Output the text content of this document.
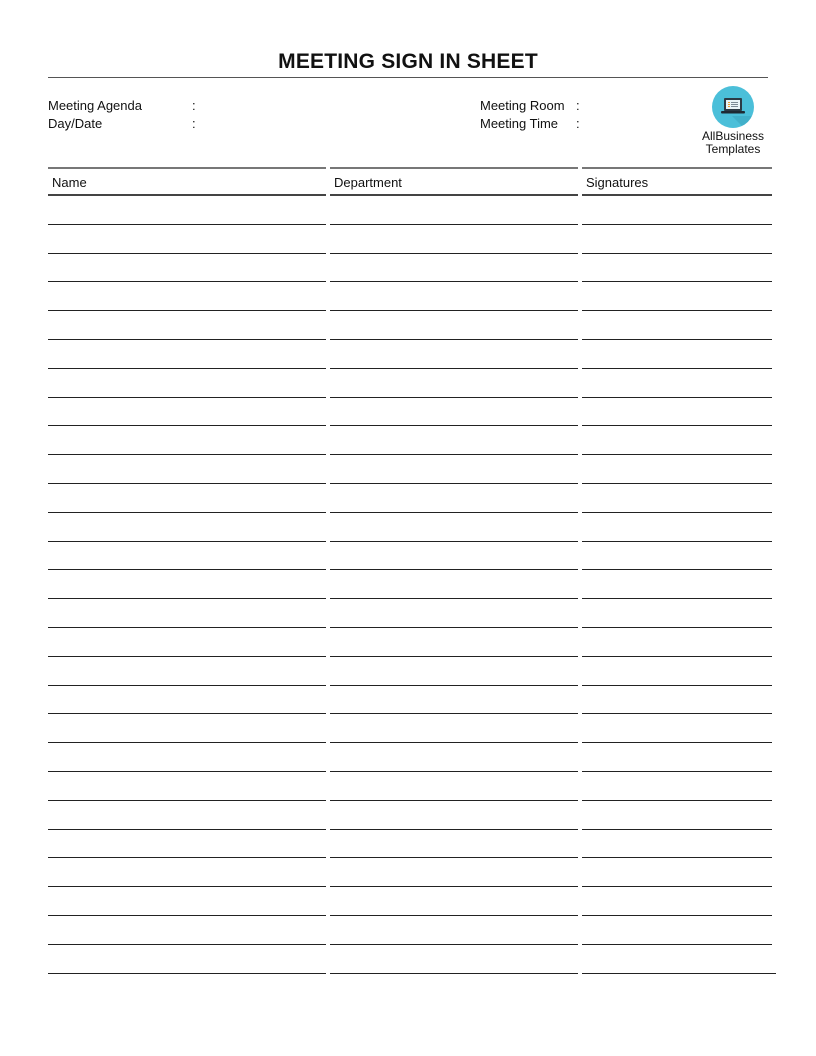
MEETING SIGN IN SHEET
Meeting Agenda	:
Day/Date	:
Meeting Room :
Meeting Time :
AllBusiness
Templates
Name	Department	Signatures
